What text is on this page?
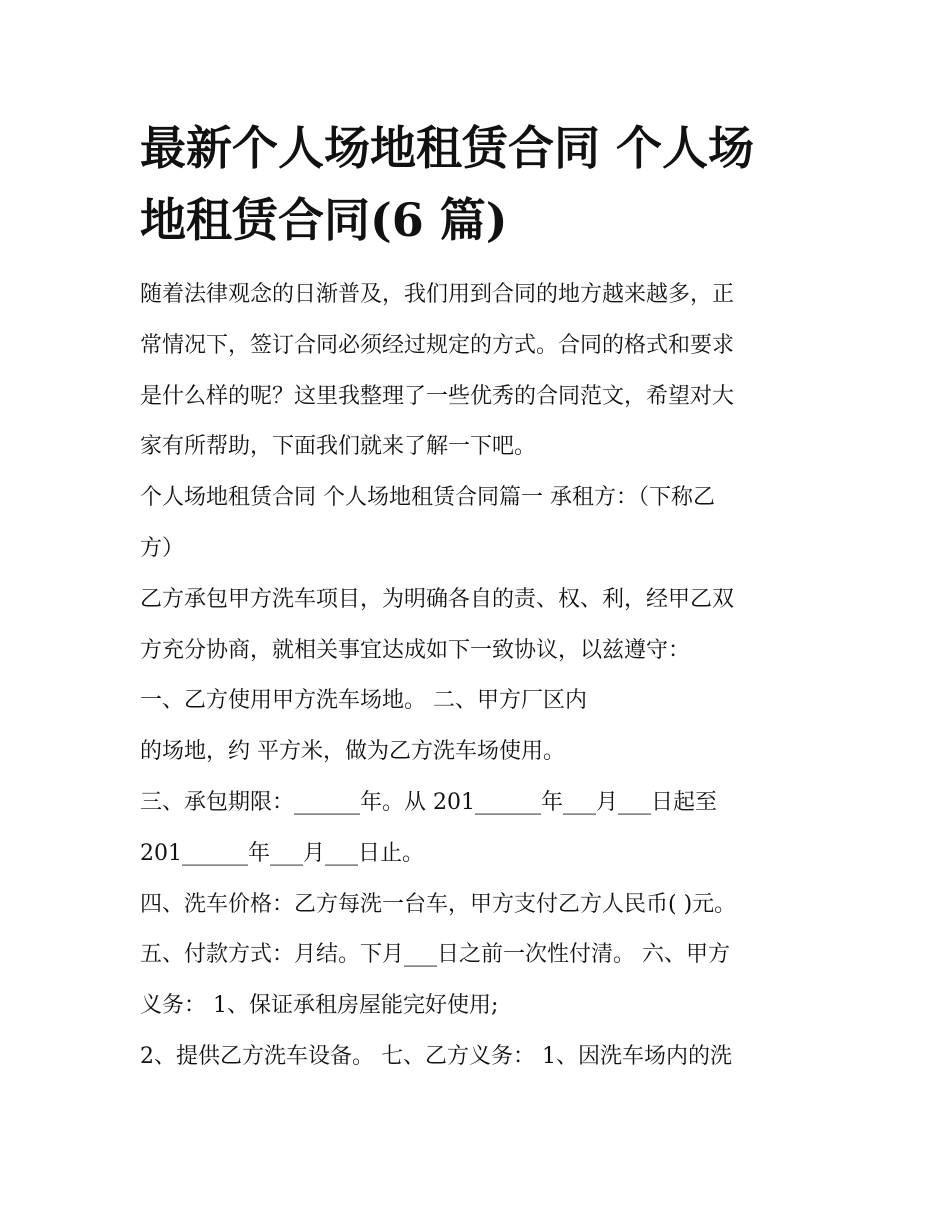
最新个人场地租赁合同 个人场
地租赁合同(6 篇)
随着法律观念的日渐普及，我们用到合同的地方越来越多，正
常情况下，签订合同必须经过规定的方式。合同的格式和要求
是什么样的呢？这里我整理了一些优秀的合同范文，希望对大
家有所帮助，下面我们就来了解一下吧。
个人场地租赁合同 个人场地租赁合同篇一 承租方：（下称乙
方）
乙方承包甲方洗车项目，为明确各自的责、权、利，经甲乙双
方充分协商，就相关事宜达成如下一致协议，以兹遵守：
一、乙方使用甲方洗车场地。 二、甲方厂区内
的场地，约 平方米，做为乙方洗车场使用。
三、承包期限：______年。从 201______年___月___日起至
201______年___月___日止。
四、洗车价格：乙方每洗一台车，甲方支付乙方人民币( )元。
五、付款方式：月结。下月___日之前一次性付清。 六、甲方
义务： 1、保证承租房屋能完好使用;
2、提供乙方洗车设备。 七、乙方义务： 1、因洗车场内的洗
